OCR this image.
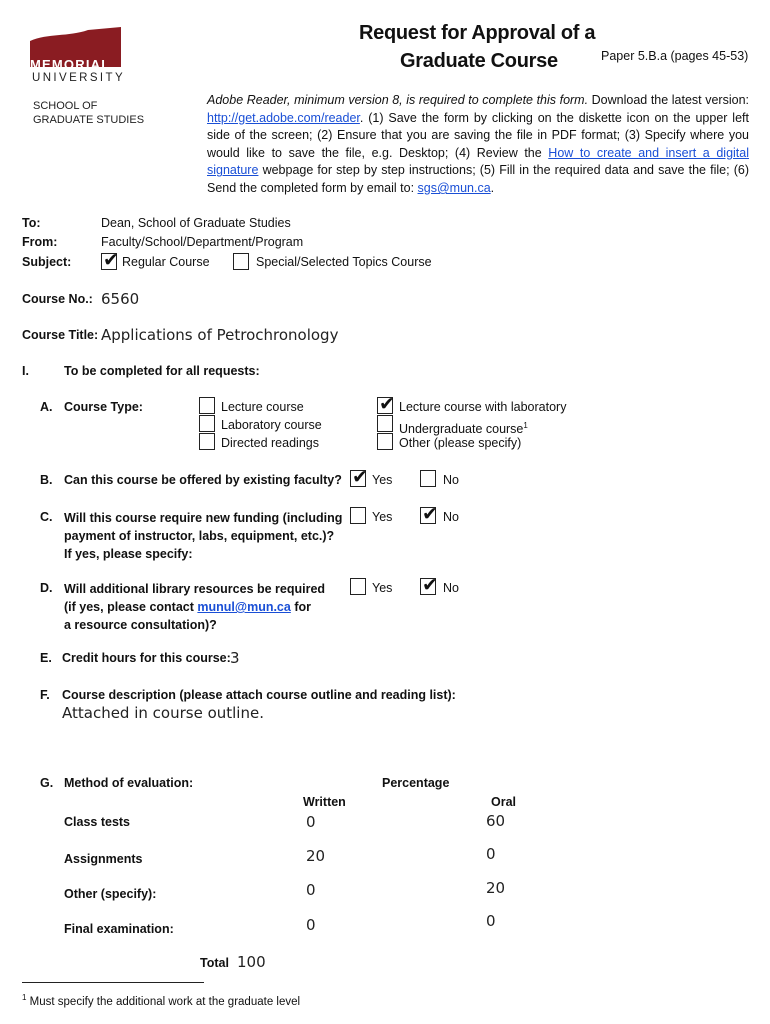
MEMORIAL
UNIVERSITY
SCHOOL OF
GRADUATE STUDIES
Request for Approval of a
Graduate Course	Paper 5.B.a (pages 45-53)
Adobe Reader, minimum version 8, is required to complete this form. Download the latest version: http://get.adobe.com/reader. (1) Save the form by clicking on the diskette icon on the upper left side of the screen; (2) Ensure that you are saving the file in PDF format; (3) Specify where you would like to save the file, e.g. Desktop; (4) Review the How to create and insert a digital signature webpage for step by step instructions; (5) Fill in the required data and save the file; (6) Send the completed form by email to: sgs@mun.ca.
To:	Dean, School of Graduate Studies
From:	Faculty/School/Department/Program
Subject: ✔ Regular Course	Special/Selected Topics Course
Course No.: 6560
Course Title: Applications of Petrochronology
I.	To be completed for all requests:
A. Course Type:	Lecture course
Laboratory course
Directed readings
✔ Lecture course with laboratory
Undergraduate course$^1$
Other (please specify)
B. Can this course be offered by existing faculty? ✔ Yes	No
C. Will this course require new funding (including
payment of instructor, labs, equipment, etc.)?
If yes, please specify:
Yes ✔ No
D. Will additional library resources be required
(if yes, please contact munul@mun.ca for
a resource consultation)?
Yes ✔ No
E. Credit hours for this course: 3
F. Course description (please attach course outline and reading list):
Attached in course outline.
G. Method of evaluation:	Percentage
Written	Oral
Class tests	0	60
Assignments	20	0
Other (specify):	0	20
Final examination:	0	0
Total 100
$^1$ Must specify the additional work at the graduate level
